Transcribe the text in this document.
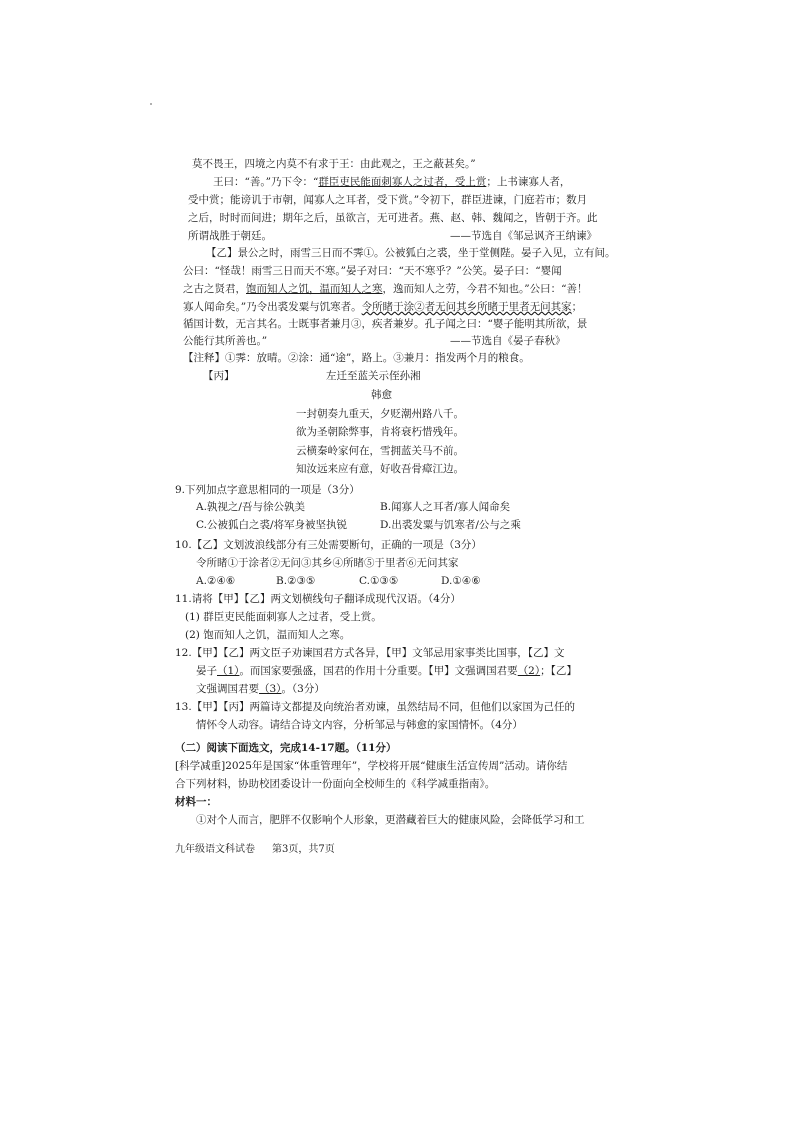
莫不畏王，四境之内莫不有求于王：由此观之，王之蔽甚矣。”
王曰：“善。”乃下令：“群臣吏民能面刺寡人之过者，受上赏；上书谏寡人者，
受中赏；能谤讥于市朝，闻寡人之耳者，受下赏。”令初下，群臣进谏，门庭若市；数月
之后，时时而间进；期年之后，虽欲言，无可进者。燕、赵、韩、魏闻之，皆朝于齐。此
所谓战胜于朝廷。	——节选自《邹忌讽齐王纳谏》
【乙】景公之时，雨雪三日而不霁①。公被狐白之裘，坐于堂侧陛。晏子入见，立有间。
公曰：“怪哉！雨雪三日而天不寒。”晏子对曰：“天不寒乎？”公笑。晏子曰：“婴闻
之古之贤君，饱而知人之饥，温而知人之寒，逸而知人之劳，今君不知也。”公曰：“善！
寡人闻命矣。”乃令出裘发粟与饥寒者。令所睹于涂②者无问其乡所睹于里者无问其家；
循国计数，无言其名。士既事者兼月③，疾者兼岁。孔子闻之曰：“婴子能明其所欲，景
公能行其所善也。”	——节选自《晏子春秋》
【注释】①霁：放晴。②涂：通“途”，路上。③兼月：指发两个月的粮食。
【丙】	左迁至蓝关示侄孙湘
韩愈
一封朝奏九重天，夕贬潮州路八千。
欲为圣朝除弊事，肯将衰朽惜残年。
云横秦岭家何在，雪拥蓝关马不前。
知汝远来应有意，好收吾骨瘴江边。
9.下列加点字意思相同的一项是（3分）
A.孰视之/吾与徐公孰美	B.闻寡人之耳者/寡人闻命矣
C.公被狐白之裘/将军身被坚执锐	D.出裘发粟与饥寒者/公与之乘
10.【乙】文划波浪线部分有三处需要断句，正确的一项是（3分）
令所睹①于涂者②无问③其乡④所睹⑤于里者⑥无问其家
A.②④⑥	B.②③⑤	C.①③⑤	D.①④⑥
11.请将【甲】【乙】两文划横线句子翻译成现代汉语。（4分）
(1) 群臣吏民能面刺寡人之过者，受上赏。
(2) 饱而知人之饥，温而知人之寒。
12.【甲】【乙】两文臣子劝谏国君方式各异，【甲】文邹忌用家事类比国事，【乙】文
晏子（1）。而国家要强盛，国君的作用十分重要。【甲】文强调国君要（2）；【乙】
文强调国君要（3）。（3分）
13.【甲】【丙】两篇诗文都提及向统治者劝谏，虽然结局不同，但他们以家国为己任的
情怀令人动容。请结合诗文内容，分析邹忌与韩愈的家国情怀。（4分）
（二）阅读下面选文，完成14-17题。（11分）
[科学减重]2025年是国家“体重管理年”，学校将开展“健康生活宣传周”活动。请你结
合下列材料，协助校团委设计一份面向全校师生的《科学减重指南》。
材料一：
①对个人而言，肥胖不仅影响个人形象，更潜藏着巨大的健康风险，会降低学习和工
九年级语文科试卷 第3页，共7页
